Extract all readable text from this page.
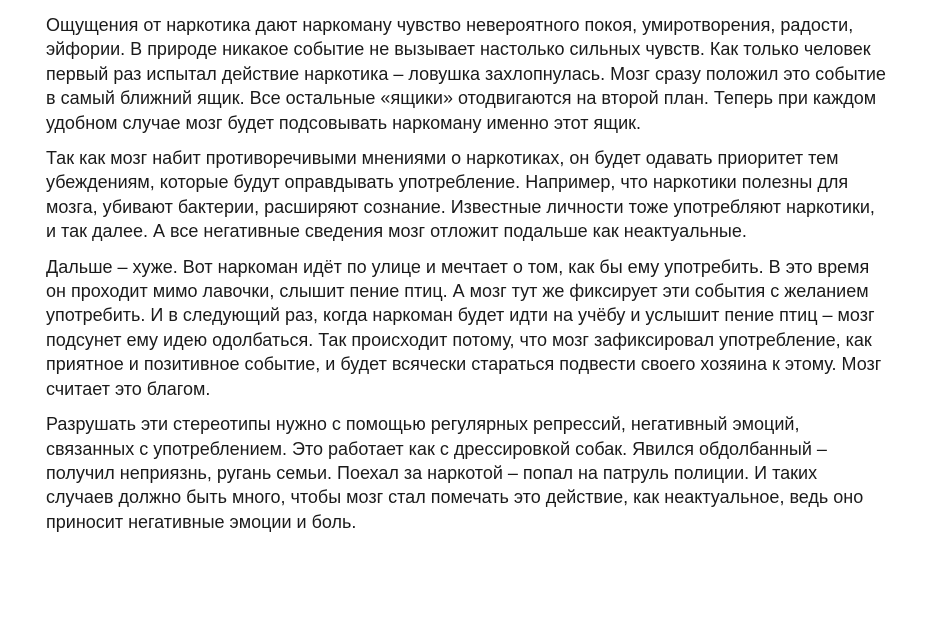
Ощущения от наркотика дают наркоману чувство невероятного покоя, умиротворения, радости,
эйфории. В природе никакое событие не вызывает настолько сильных чувств. Как только человек
первый раз испытал действие наркотика – ловушка захлопнулась. Мозг сразу положил это событие
в самый ближний ящик. Все остальные «ящики» отодвигаются на второй план. Теперь при каждом
удобном случае мозг будет подсовывать наркоману именно этот ящик.

Так как мозг набит противоречивыми мнениями о наркотиках, он будет одавать приоритет тем
убеждениям, которые будут оправдывать употребление. Например, что наркотики полезны для
мозга, убивают бактерии, расширяют сознание. Известные личности тоже употребляют наркотики,
и так далее. А все негативные сведения мозг отложит подальше как неактуальные.

Дальше – хуже. Вот наркоман идёт по улице и мечтает о том, как бы ему употребить. В это время
он проходит мимо лавочки, слышит пение птиц. А мозг тут же фиксирует эти события с желанием
употребить. И в следующий раз, когда наркоман будет идти на учёбу и услышит пение птиц – мозг
подсунет ему идею одолбаться. Так происходит потому, что мозг зафиксировал употребление, как
приятное и позитивное событие, и будет всячески стараться подвести своего хозяина к этому. Мозг
считает это благом.

Разрушать эти стереотипы нужно с помощью регулярных репрессий, негативный эмоций,
связанных с употреблением. Это работает как с дрессировкой собак. Явился обдолбанный –
получил неприязнь, ругань семьи. Поехал за наркотой – попал на патруль полиции. И таких
случаев должно быть много, чтобы мозг стал помечать это действие, как неактуальное, ведь оно
приносит негативные эмоции и боль.
